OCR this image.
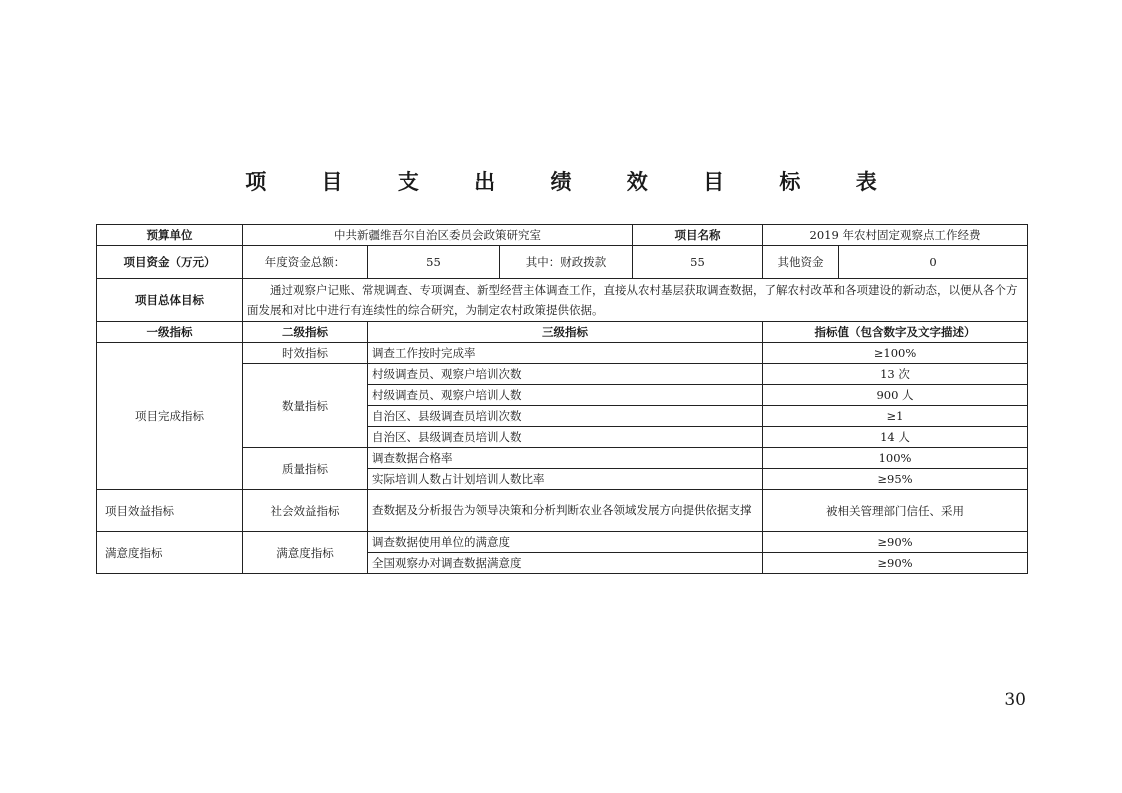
项 目 支 出 绩 效 目 标 表
预算单位	中共新疆维吾尔自治区委员会政策研究室			项目名称	2019 年农村固定观察点工作经费	
项目资金（万元）	年度资金总额：	55	其中：财政拨款	55	其他资金	0
项目总体目标	通过观察户记账、常规调查、专项调查、新型经营主体调查工作，直接从农村基层获取调查数据，了解农村改革和各项建设的新动态，以便从各个方面发展和对比中进行有连续性的综合研究，为制定农村政策提供依据。					
一级指标	二级指标	三级指标			指标值（包含数字及文字描述）	
项目完成指标	时效指标	调查工作按时完成率			≥100%	
	数量指标	村级调查员、观察户培训次数			13 次	
		村级调查员、观察户培训人数			900 人	
		自治区、县级调查员培训次数			≥1	
		自治区、县级调查员培训人数			14 人	
	质量指标	调查数据合格率			100%	
		实际培训人数占计划培训人数比率			≥95%	
项目效益指标	社会效益指标	查数据及分析报告为领导决策和分析判断农业各领域发展方向提供依据支撑			被相关管理部门信任、采用	
满意度指标	满意度指标	调查数据使用单位的满意度			≥90%	
		全国观察办对调查数据满意度			≥90%	
30
